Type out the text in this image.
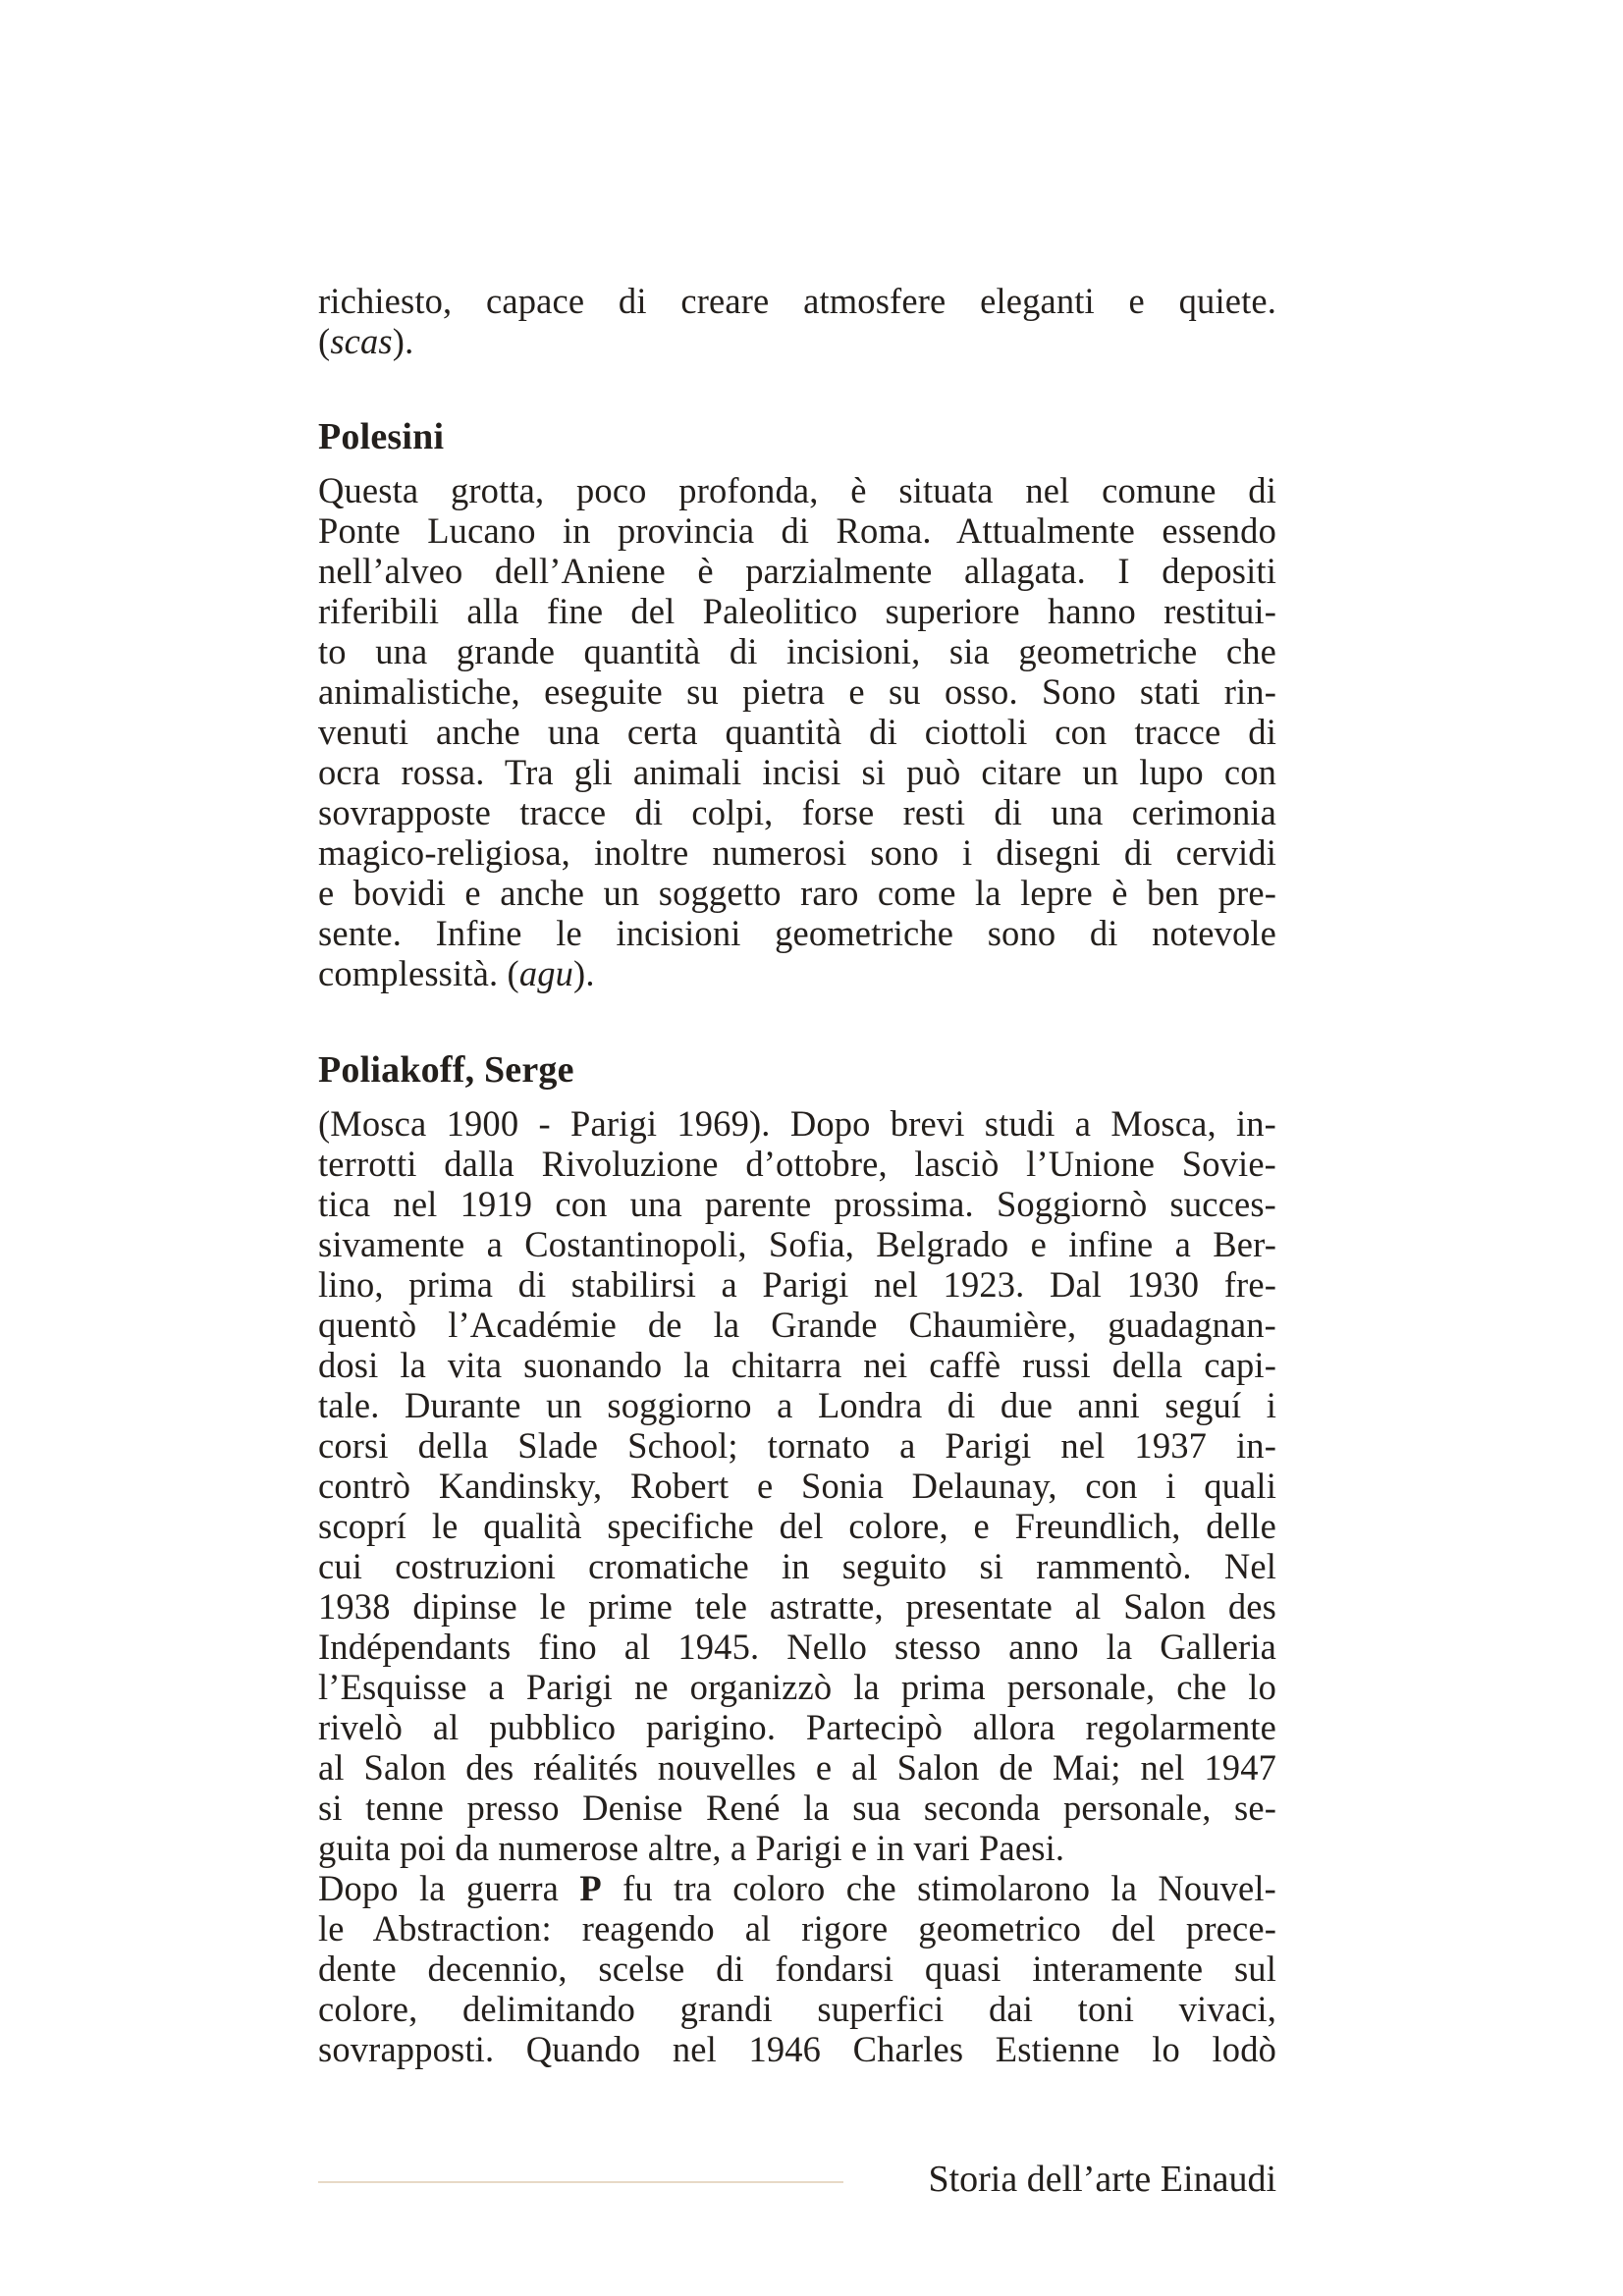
richiesto, capace di creare atmosfere eleganti e quiete.
(scas).

Polesini

Questa grotta, poco profonda, è situata nel comune di
Ponte Lucano in provincia di Roma. Attualmente essendo
nell’alveo dell’Aniene è parzialmente allagata. I depositi
riferibili alla fine del Paleolitico superiore hanno restitui-
to una grande quantità di incisioni, sia geometriche che
animalistiche, eseguite su pietra e su osso. Sono stati rin-
venuti anche una certa quantità di ciottoli con tracce di
ocra rossa. Tra gli animali incisi si può citare un lupo con
sovrapposte tracce di colpi, forse resti di una cerimonia
magico-religiosa, inoltre numerosi sono i disegni di cervidi
e bovidi e anche un soggetto raro come la lepre è ben pre-
sente. Infine le incisioni geometriche sono di notevole
complessità. (agu).

Poliakoff, Serge

(Mosca 1900 - Parigi 1969). Dopo brevi studi a Mosca, in-
terrotti dalla Rivoluzione d’ottobre, lasciò l’Unione Sovie-
tica nel 1919 con una parente prossima. Soggiornò succes-
sivamente a Costantinopoli, Sofia, Belgrado e infine a Ber-
lino, prima di stabilirsi a Parigi nel 1923. Dal 1930 fre-
quentò l’Académie de la Grande Chaumière, guadagnan-
dosi la vita suonando la chitarra nei caffè russi della capi-
tale. Durante un soggiorno a Londra di due anni seguí i
corsi della Slade School; tornato a Parigi nel 1937 in-
contrò Kandinsky, Robert e Sonia Delaunay, con i quali
scoprí le qualità specifiche del colore, e Freundlich, delle
cui costruzioni cromatiche in seguito si rammentò. Nel
1938 dipinse le prime tele astratte, presentate al Salon des
Indépendants fino al 1945. Nello stesso anno la Galleria
l’Esquisse a Parigi ne organizzò la prima personale, che lo
rivelò al pubblico parigino. Partecipò allora regolarmente
al Salon des réalités nouvelles e al Salon de Mai; nel 1947
si tenne presso Denise René la sua seconda personale, se-
guita poi da numerose altre, a Parigi e in vari Paesi.

Dopo la guerra P fu tra coloro che stimolarono la Nouvel-
le Abstraction: reagendo al rigore geometrico del prece-
dente decennio, scelse di fondarsi quasi interamente sul
colore, delimitando grandi superfici dai toni vivaci,
sovrapposti. Quando nel 1946 Charles Estienne lo lodò

Storia dell’arte Einaudi
